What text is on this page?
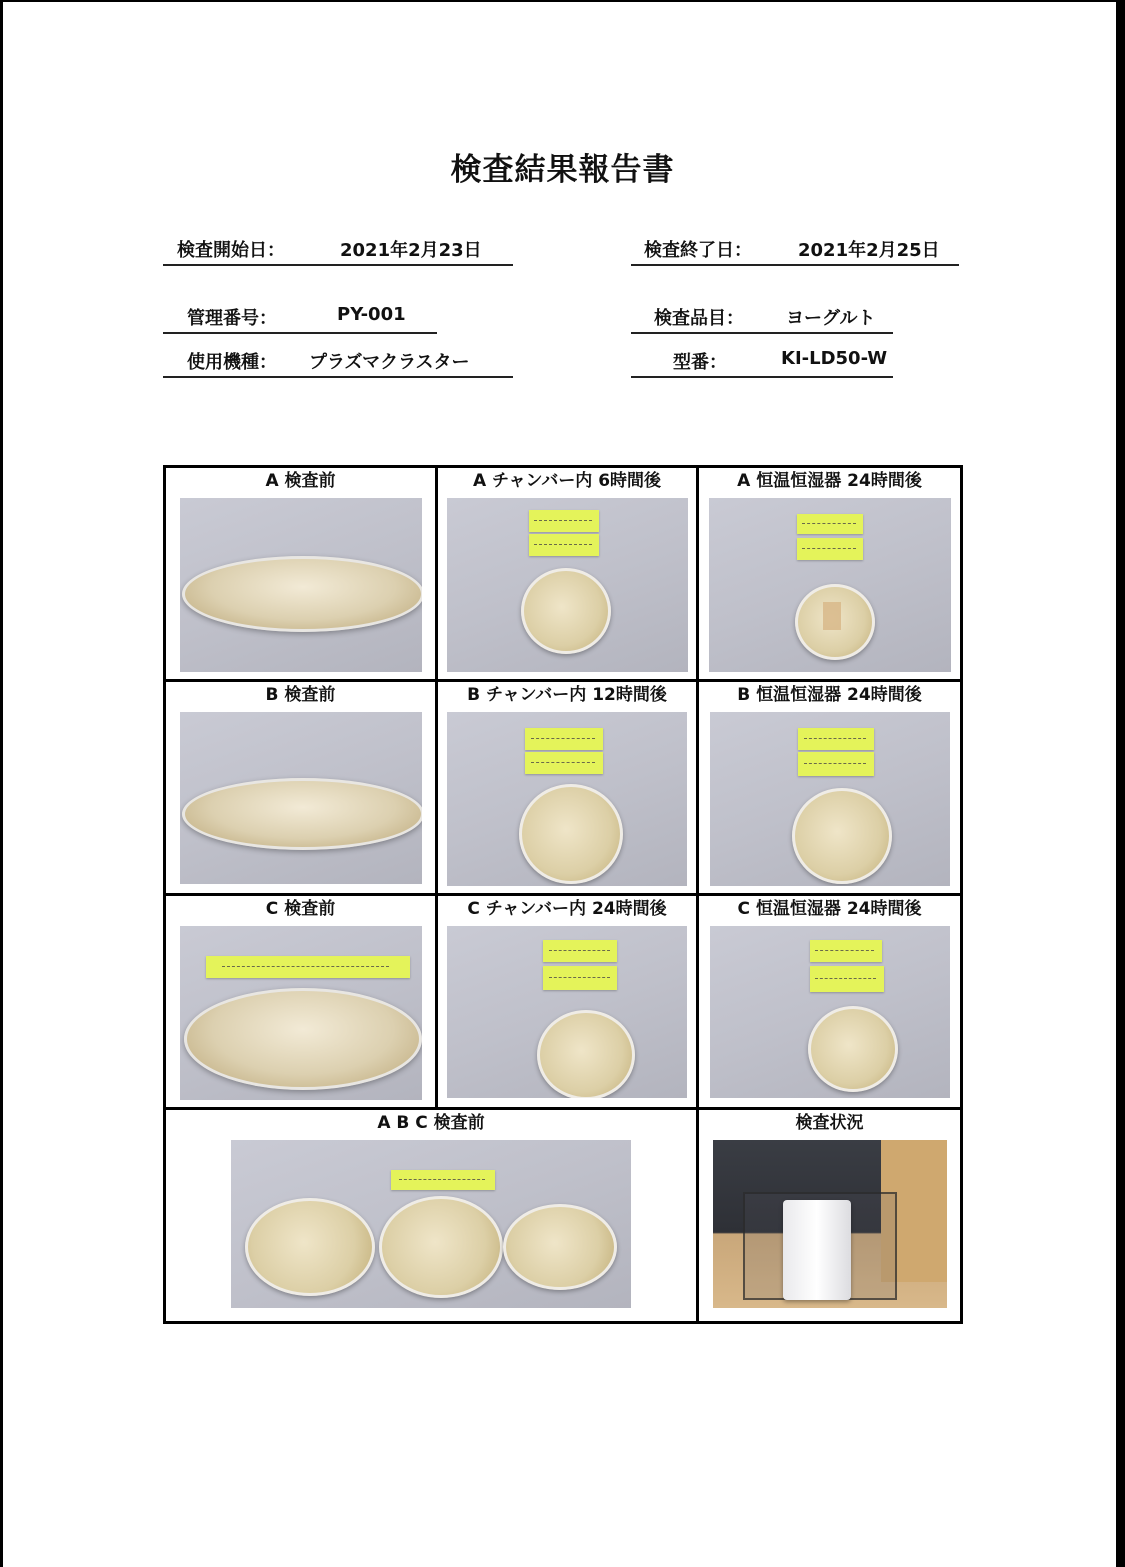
検査結果報告書
検査開始日：	2021年2月23日	検査終了日：	2021年2月25日
管理番号：	PY-001	検査品目： ヨーグルト
使用機種： プラズマクラスター	型番：	KI-LD50-W
A 検査前	A チャンバー内 6時間後	A 恒温恒湿器 24時間後

B 検査前	B チャンバー内 12時間後	B 恒温恒湿器 24時間後

C 検査前	C チャンバー内 24時間後	C 恒温恒湿器 24時間後

A B C 検査前		検査状況
